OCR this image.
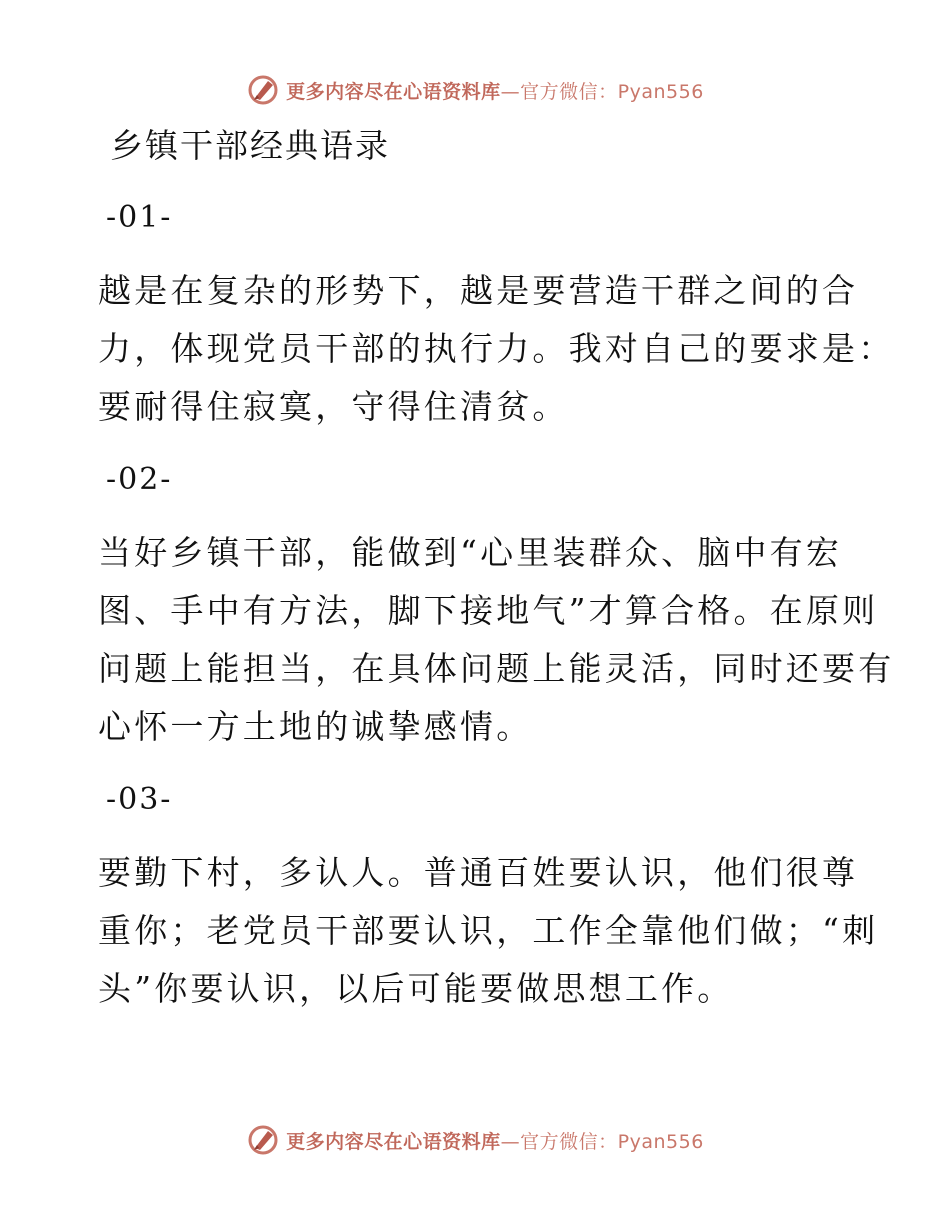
更多内容尽在心语资料库—官方微信：Pyan556
乡镇干部经典语录
-01-
越是在复杂的形势下，越是要营造干群之间的合
力，体现党员干部的执行力。我对自己的要求是：
要耐得住寂寞，守得住清贫。
-02-
当好乡镇干部，能做到“心里装群众、脑中有宏
图、手中有方法，脚下接地气”才算合格。在原则
问题上能担当，在具体问题上能灵活，同时还要有
心怀一方土地的诚挚感情。
-03-
要勤下村，多认人。普通百姓要认识，他们很尊
重你；老党员干部要认识，工作全靠他们做；“刺
头”你要认识，以后可能要做思想工作。
更多内容尽在心语资料库—官方微信：Pyan556
